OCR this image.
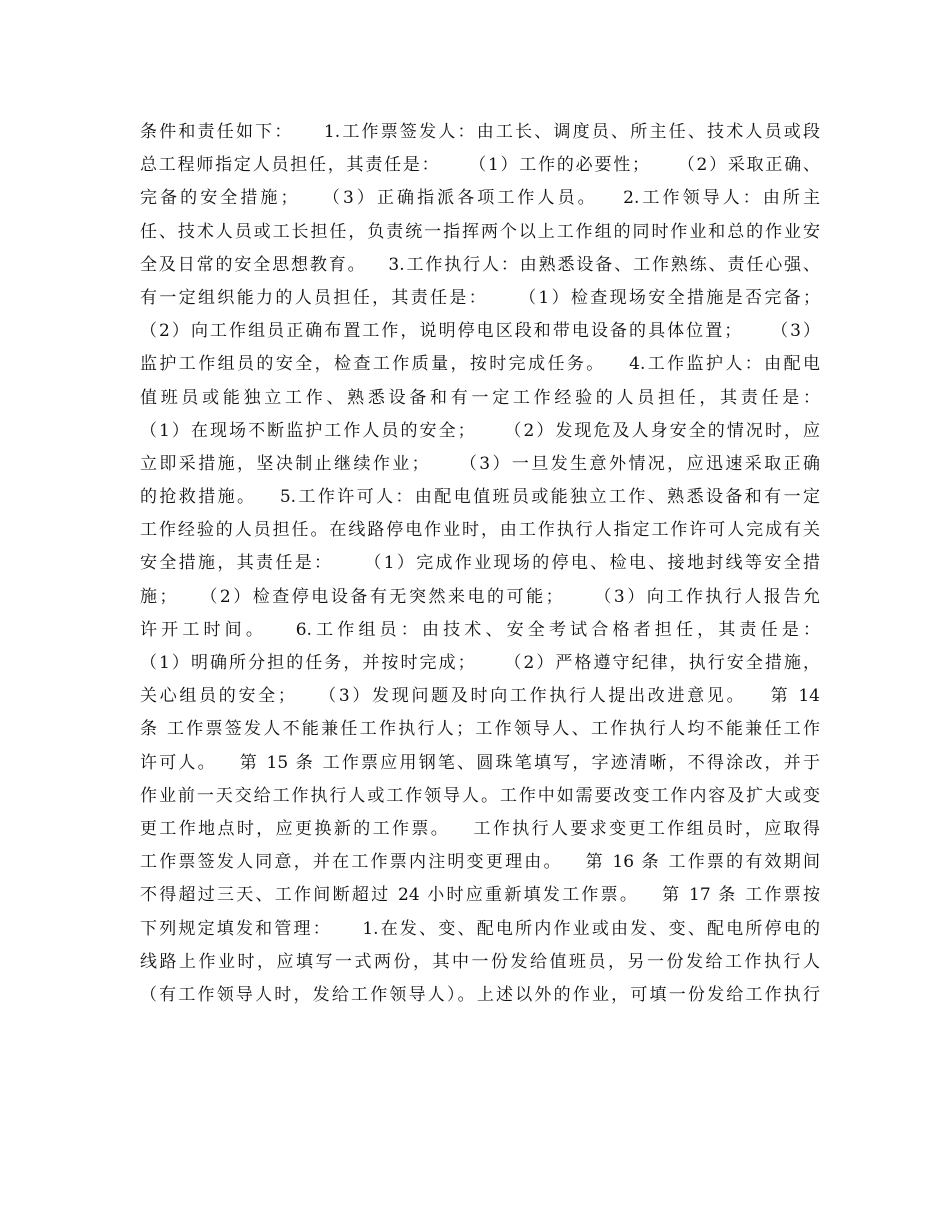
条件和责任如下：    1.工作票签发人：由工长、调度员、所主任、技术人员或段
总工程师指定人员担任，其责任是：    （1）工作的必要性；    （2）采取正确、
完备的安全措施；   （3）正确指派各项工作人员。   2.工作领导人：由所主
任、技术人员或工长担任，负责统一指挥两个以上工作组的同时作业和总的作业安
全及日常的安全思想教育。   3.工作执行人：由熟悉设备、工作熟练、责任心强、
有一定组织能力的人员担任，其责任是：    （1）检查现场安全措施是否完备；
（2）向工作组员正确布置工作，说明停电区段和带电设备的具体位置；    （3）
监护工作组员的安全，检查工作质量，按时完成任务。   4.工作监护人：由配电
值班员或能独立工作、熟悉设备和有一定工作经验的人员担任，其责任是：
（1）在现场不断监护工作人员的安全；    （2）发现危及人身安全的情况时，应
立即采措施，坚决制止继续作业；    （3）一旦发生意外情况，应迅速采取正确
的抢救措施。   5.工作许可人：由配电值班员或能独立工作、熟悉设备和有一定
工作经验的人员担任。在线路停电作业时，由工作执行人指定工作许可人完成有关
安全措施，其责任是：    （1）完成作业现场的停电、检电、接地封线等安全措
施；   （2）检查停电设备有无突然来电的可能；    （3）向工作执行人报告允
许开工时间。   6.工作组员：由技术、安全考试合格者担任，其责任是：
（1）明确所分担的任务，并按时完成；    （2）严格遵守纪律，执行安全措施，
关心组员的安全；   （3）发现问题及时向工作执行人提出改进意见。   第 14
条 工作票签发人不能兼任工作执行人；工作领导人、工作执行人均不能兼任工作
许可人。   第 15 条 工作票应用钢笔、圆珠笔填写，字迹清晰，不得涂改，并于
作业前一天交给工作执行人或工作领导人。工作中如需要改变工作内容及扩大或变
更工作地点时，应更换新的工作票。   工作执行人要求变更工作组员时，应取得
工作票签发人同意，并在工作票内注明变更理由。   第 16 条 工作票的有效期间
不得超过三天、工作间断超过 24 小时应重新填发工作票。   第 17 条 工作票按
下列规定填发和管理：    1.在发、变、配电所内作业或由发、变、配电所停电的
线路上作业时，应填写一式两份，其中一份发给值班员，另一份发给工作执行人
（有工作领导人时，发给工作领导人）。上述以外的作业，可填一份发给工作执行
